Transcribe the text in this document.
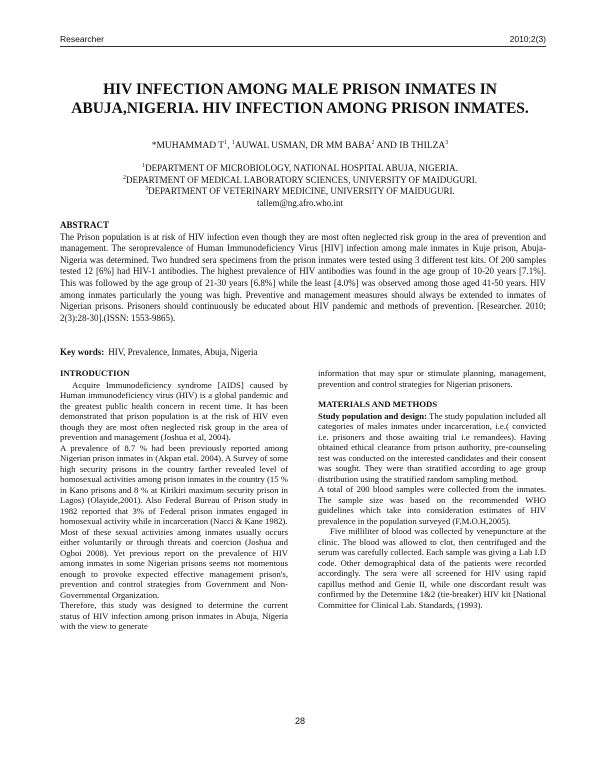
Researcher	2010;2(3)
HIV INFECTION AMONG MALE PRISON INMATES IN ABUJA,NIGERIA. HIV INFECTION AMONG PRISON INMATES.
*MUHAMMAD $T^1$, $^1$AUWAL USMAN, DR MM BABA$^2$ AND IB THILZA$^3$
$^1$DEPARTMENT OF MICROBIOLOGY, NATIONAL HOSPITAL ABUJA, NIGERIA.
$^2$DEPARTMENT OF MEDICAL LABORATORY SCIENCES, UNIVERSITY OF MAIDUGURI.
$^3$DEPARTMENT OF VETERINARY MEDICINE, UNIVERSITY OF MAIDUGURI.
tallem@ng.afro.who.int
ABSTRACT
The Prison population is at risk of HIV infection even though they are most often neglected risk group in the area of prevention and management. The seroprevalence of Human Immunodeficiency Virus [HIV] infection among male inmates in Kuje prison, Abuja- Nigeria was determined. Two hundred sera specimens from the prison inmates were tested using 3 different test kits. Of 200 samples tested 12 [6%] had HIV-1 antibodies. The highest prevalence of HIV antibodies was found in the age group of 10-20 years [7.1%]. This was followed by the age group of 21-30 years [6.8%] while the least [4.0%] was observed among those aged 41-50 years. HIV among inmates particularly the young was high. Preventive and management measures should always be extended to inmates of Nigerian prisons. Prisoners should continuously be educated about HIV pandemic and methods of prevention. [Researcher. 2010; 2(3):28-30].(ISSN: 1553-9865).
Key words: HIV, Prevalence, Inmates, Abuja, Nigeria
INTRODUCTION

Acquire Immunodeficiency syndrome [AIDS] caused by Human immunodeficiency virus (HIV) is a global pandemic and the greatest public health concern in recent time. It has been demonstrated that prison population is at the risk of HIV even though they are most often neglected risk group in the area of prevention and management (Joshua et al, 2004).

A prevalence of 8.7 % had been previously reported among Nigerian prison inmates in (Akpan etal. 2004). A Survey of some high security prisons in the country farther revealed level of homosexual activities among prison inmates in the country (15 % in Kano prisons and 8 % at Kirikiri maximum security prison in Lagos) (Olayide,2001). Also Federal Bureau of Prison study in 1982 reported that 3% of Federal prison inmates engaged in homosexual activity while in incarceration (Nacci & Kane 1982).

Most of these sexual activities among inmates usually occurs either voluntarily or through threats and coercion (Joshua and Ogboi 2008). Yet previous report on the prevalence of HIV among inmates in some Nigerian prisons seems not momentous enough to provoke expected effective management prison's, prevention and control strategies from Government and Non-Governmental Organization.

Therefore, this study was designed to determine the current status of HIV infection among prison inmates in Abuja, Nigeria with the view to generate

information that may spur or stimulate planning, management, prevention and control strategies for Nigerian prisoners.

MATERIALS AND METHODS

Study population and design: The study population included all categories of males inmates under incarceration, i.e.( convicted i.e. prisoners and those awaiting trial i.e remandees). Having obtained ethical clearance from prison authority, pre-counseling test was conducted on the interested candidates and their consent was sought. They were than stratified according to age group distribution using the stratified random sampling method.

A total of 200 blood samples were collected from the inmates. The sample size was based on the recommended WHO guidelines which take into consideration estimates of HIV prevalence in the population surveyed (F,M.O.H,2005).

Five milliliter of blood was collected by venepuncture at the clinic. The blood was allowed to clot, then centrifuged and the serum was carefully collected. Each sample was giving a Lab I.D code. Other demographical data of the patients were recorded accordingly. The sera were all screened for HIV using rapid capillus method and Genie II, while one discordant result was confirmed by the Determine 1&2 (tie-breaker) HIV kit [National Committee for Clinical Lab. Standards, (1993).

28
